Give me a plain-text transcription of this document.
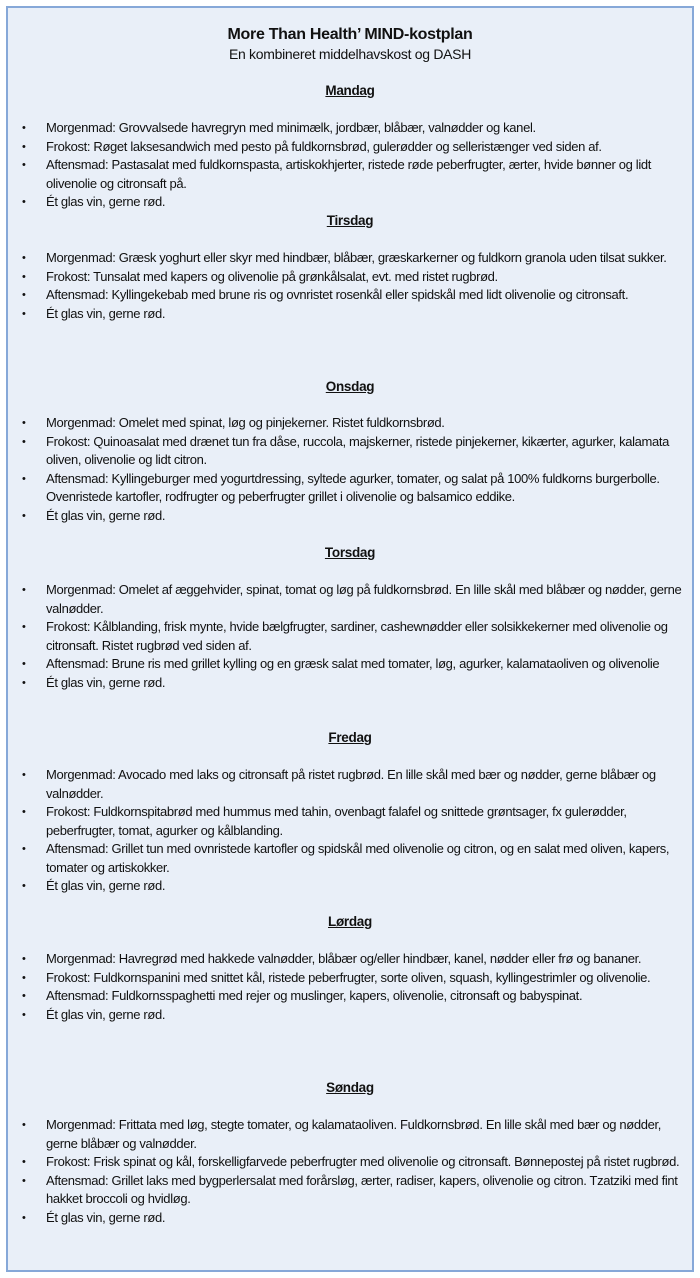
More Than Health’ MIND-kostplan
En kombineret middelhavskost og DASH
Mandag
• Morgenmad: Grovvalsede havregryn med minimælk, jordbær, blåbær, valnødder og kanel.
• Frokost: Røget laksesandwich med pesto på fuldkornsbrød, gulerødder og selleristænger ved siden af.
• Aftensmad: Pastasalat med fuldkornspasta, artiskokhjerter, ristede røde peberfrugter, ærter, hvide bønner og lidt olivenolie og citronsaft på.
• Ét glas vin, gerne rød.
Tirsdag
• Morgenmad: Græsk yoghurt eller skyr med hindbær, blåbær, græskarkerner og fuldkorn granola uden tilsat sukker.
• Frokost: Tunsalat med kapers og olivenolie på grønkålsalat, evt. med ristet rugbrød.
• Aftensmad: Kyllingekebab med brune ris og ovnristet rosenkål eller spidskål med lidt olivenolie og citronsaft.
• Ét glas vin, gerne rød.
Onsdag
• Morgenmad: Omelet med spinat, løg og pinjekerner. Ristet fuldkornsbrød.
• Frokost: Quinoasalat med drænet tun fra dåse, ruccola, majskerner, ristede pinjekerner, kikærter, agurker, kalamata oliven, olivenolie og lidt citron.
• Aftensmad: Kyllingeburger med yogurtdressing, syltede agurker, tomater, og salat på 100% fuldkorns burgerbolle. Ovenristede kartofler, rodfrugter og peberfrugter grillet i olivenolie og balsamico eddike.
• Ét glas vin, gerne rød.
Torsdag
• Morgenmad: Omelet af æggehvider, spinat, tomat og løg på fuldkornsbrød. En lille skål med blåbær og nødder, gerne valnødder.
• Frokost: Kålblanding, frisk mynte, hvide bælgfrugter, sardiner, cashewnødder eller solsikkekerner med olivenolie og citronsaft. Ristet rugbrød ved siden af.
• Aftensmad: Brune ris med grillet kylling og en græsk salat med tomater, løg, agurker, kalamataoliven og olivenolie
• Ét glas vin, gerne rød.
Fredag
• Morgenmad: Avocado med laks og citronsaft på ristet rugbrød. En lille skål med bær og nødder, gerne blåbær og valnødder.
• Frokost: Fuldkornspitabrød med hummus med tahin, ovenbagt falafel og snittede grøntsager, fx gulerødder, peberfrugter, tomat, agurker og kålblanding.
• Aftensmad: Grillet tun med ovnristede kartofler og spidskål med olivenolie og citron, og en salat med oliven, kapers, tomater og artiskokker.
• Ét glas vin, gerne rød.
Lørdag
• Morgenmad: Havregrød med hakkede valnødder, blåbær og/eller hindbær, kanel, nødder eller frø og bananer.
• Frokost: Fuldkornspanini med snittet kål, ristede peberfrugter, sorte oliven, squash, kyllingestrimler og olivenolie.
• Aftensmad: Fuldkornsspaghetti med rejer og muslinger, kapers, olivenolie, citronsaft og babyspinat.
• Ét glas vin, gerne rød.
Søndag
• Morgenmad: Frittata med løg, stegte tomater, og kalamataoliven. Fuldkornsbrød. En lille skål med bær og nødder, gerne blåbær og valnødder.
• Frokost: Frisk spinat og kål, forskelligfarvede peberfrugter med olivenolie og citronsaft. Bønnepostej på ristet rugbrød.
• Aftensmad: Grillet laks med bygperlersalat med forårsløg, ærter, radiser, kapers, olivenolie og citron. Tzatziki med fint hakket broccoli og hvidløg.
• Ét glas vin, gerne rød.
